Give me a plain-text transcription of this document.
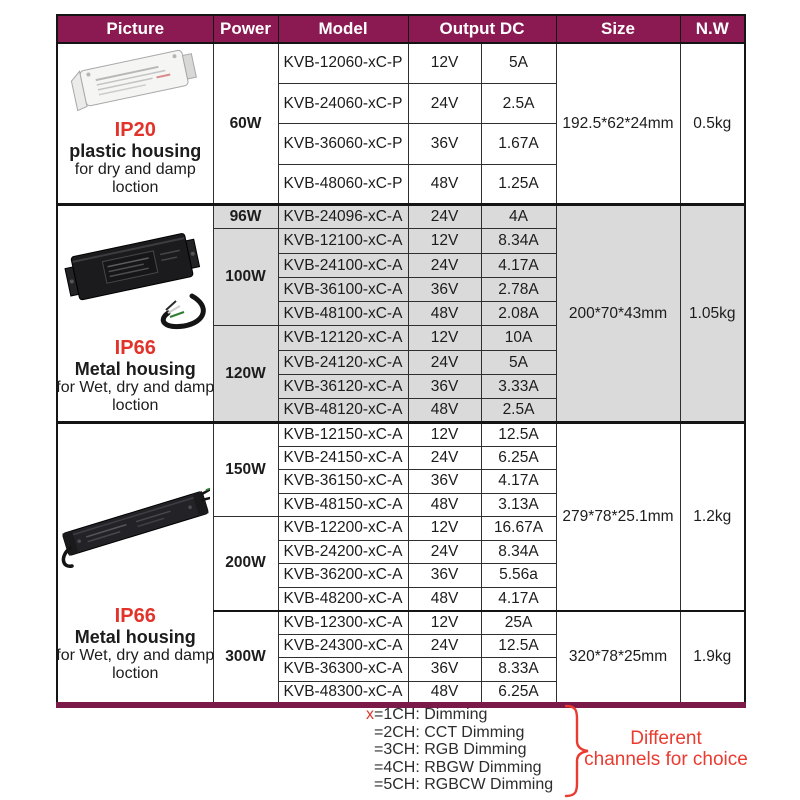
Picture	Power	Model	Output DC		Size	N.W

IP20
plastic housing
for dry and damp
loction	60W	KVB-12060-xC-P	12V	5A	192.5*62*24mm	0.5kg
		KVB-24060-xC-P	24V	2.5A		
		KVB-36060-xC-P	36V	1.67A		
		KVB-48060-xC-P	48V	1.25A		

IP66
Metal housing
for Wet, dry and damp
loction	96W	KVB-24096-xC-A	24V	4A	200*70*43mm	1.05kg
	100W	KVB-12100-xC-A	12V	8.34A		
		KVB-24100-xC-A	24V	4.17A		
		KVB-36100-xC-A	36V	2.78A		
		KVB-48100-xC-A	48V	2.08A		
	120W	KVB-12120-xC-A	12V	10A		
		KVB-24120-xC-A	24V	5A		
		KVB-36120-xC-A	36V	3.33A		
		KVB-48120-xC-A	48V	2.5A		

IP66
Metal housing
for Wet, dry and damp
loction	150W	KVB-12150-xC-A	12V	12.5A	279*78*25.1mm	1.2kg
		KVB-24150-xC-A	24V	6.25A		
		KVB-36150-xC-A	36V	4.17A		
		KVB-48150-xC-A	48V	3.13A		
	200W	KVB-12200-xC-A	12V	16.67A		
		KVB-24200-xC-A	24V	8.34A		
		KVB-36200-xC-A	36V	5.56a		
		KVB-48200-xC-A	48V	4.17A		
	300W	KVB-12300-xC-A	12V	25A	320*78*25mm	1.9kg
		KVB-24300-xC-A	24V	12.5A		
		KVB-36300-xC-A	36V	8.33A		
		KVB-48300-xC-A	48V	6.25A		
x=1CH: Dimming
=2CH: CCT Dimming
=3CH: RGB Dimming
=4CH: RBGW Dimming
=5CH: RGBCW Dimming
Different
channels for choice
